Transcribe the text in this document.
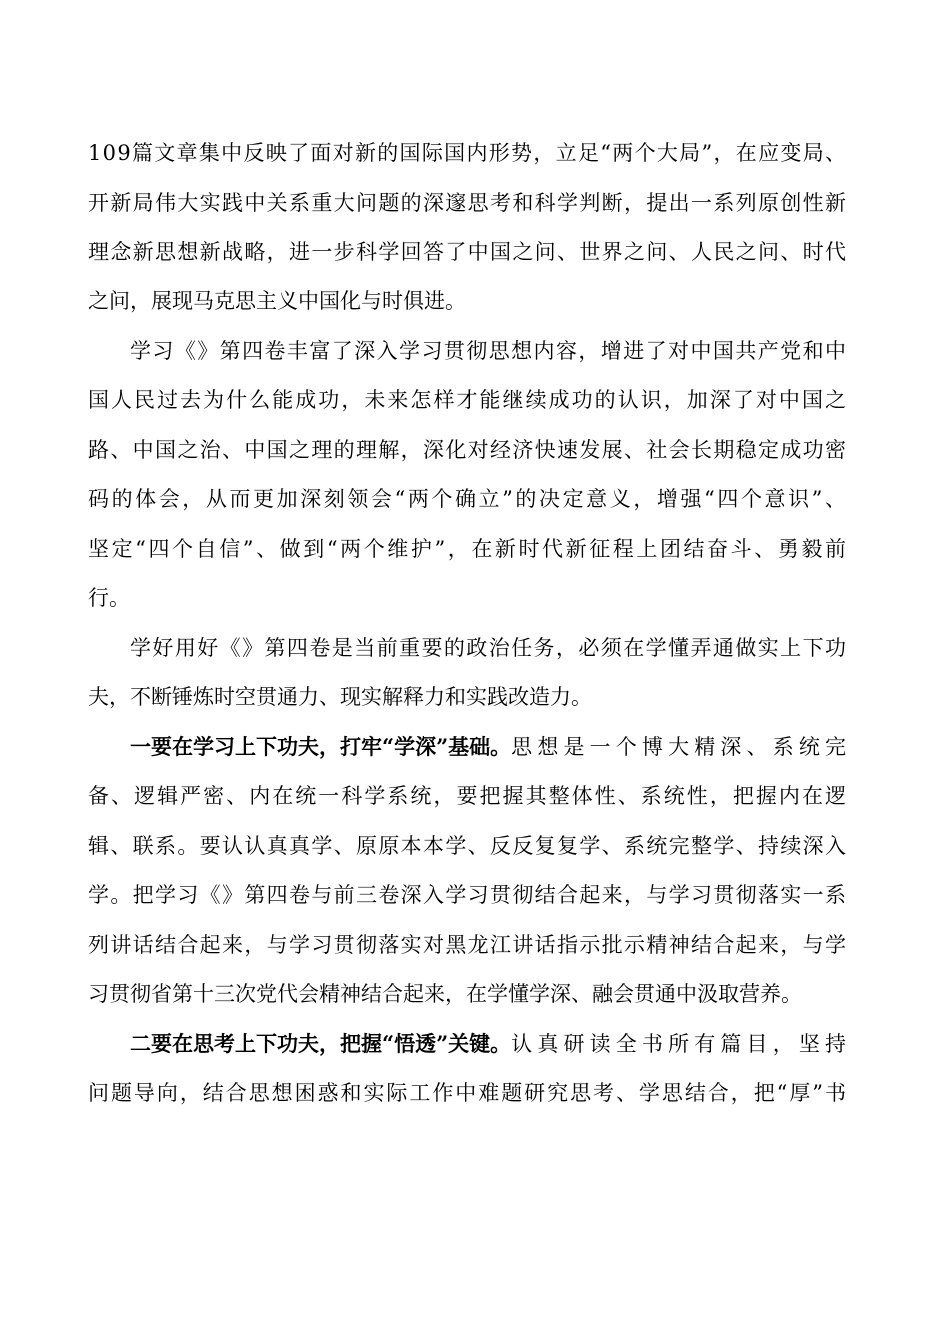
109篇文章集中反映了面对新的国际国内形势，立足“两个大局”，在应变局、
开新局伟大实践中关系重大问题的深邃思考和科学判断，提出一系列原创性新
理念新思想新战略，进一步科学回答了中国之问、世界之问、人民之问、时代
之问，展现马克思主义中国化与时俱进。
学习《》第四卷丰富了深入学习贯彻思想内容，增进了对中国共产党和中
国人民过去为什么能成功，未来怎样才能继续成功的认识，加深了对中国之
路、中国之治、中国之理的理解，深化对经济快速发展、社会长期稳定成功密
码的体会，从而更加深刻领会“两个确立”的决定意义，增强“四个意识”、
坚定“四个自信”、做到“两个维护”，在新时代新征程上团结奋斗、勇毅前
行。
学好用好《》第四卷是当前重要的政治任务，必须在学懂弄通做实上下功
夫，不断锤炼时空贯通力、现实解释力和实践改造力。
一要在学习上下功夫，打牢“学深”基础。 思想是一个博大精深、系统完
备、逻辑严密、内在统一科学系统，要把握其整体性、系统性，把握内在逻
辑、联系。要认认真真学、原原本本学、反反复复学、系统完整学、持续深入
学。把学习《》第四卷与前三卷深入学习贯彻结合起来，与学习贯彻落实一系
列讲话结合起来，与学习贯彻落实对黑龙江讲话指示批示精神结合起来，与学
习贯彻省第十三次党代会精神结合起来，在学懂学深、融会贯通中汲取营养。
二要在思考上下功夫，把握“悟透”关键。 认真研读全书所有篇目，坚持
问题导向，结合思想困惑和实际工作中难题研究思考、学思结合，把“厚”书
